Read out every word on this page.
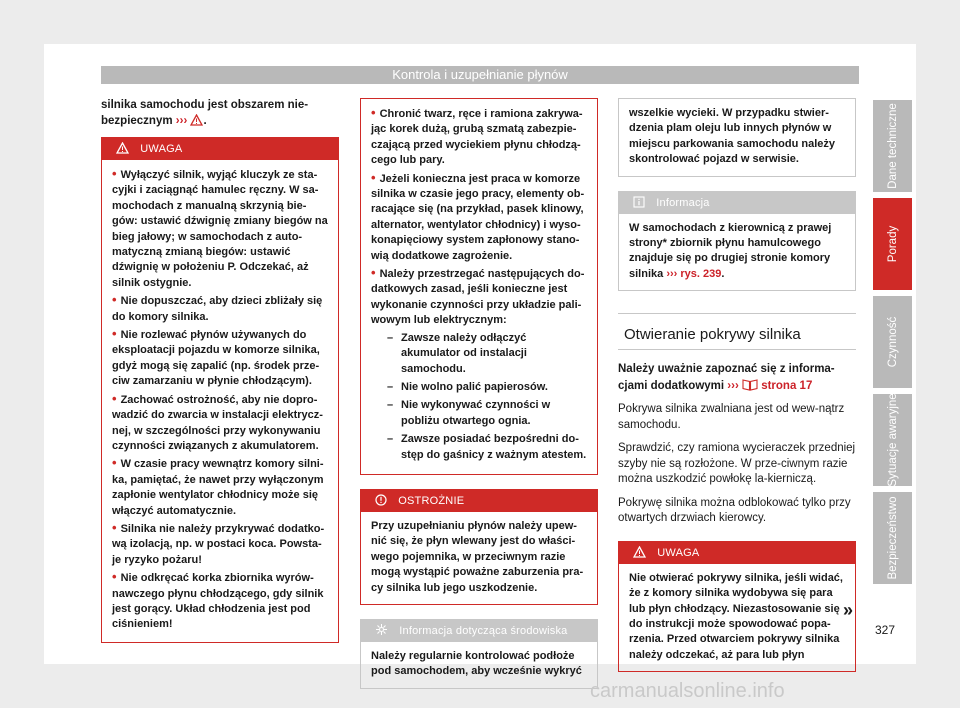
Kontrola i uzupełnianie płynów

silnika samochodu jest obszarem nie-
bezpiecznym ››› .

UWAGA
• Wyłączyć silnik, wyjąć kluczyk ze sta-cyjki i zaciągnąć hamulec ręczny. W sa-mochodach z manualną skrzynią bie-gów: ustawić dźwignię zmiany biegów na bieg jałowy; w samochodach z auto-matyczną zmianą biegów: ustawić dźwignię w położeniu P. Odczekać, aż silnik ostygnie.
• Nie dopuszczać, aby dzieci zbliżały się do komory silnika.
• Nie rozlewać płynów używanych do eksploatacji pojazdu w komorze silnika, gdyż mogą się zapalić (np. środek prze-ciw zamarzaniu w płynie chłodzącym).
• Zachować ostrożność, aby nie dopro-wadzić do zwarcia w instalacji elektrycz-nej, w szczególności przy wykonywaniu czynności związanych z akumulatorem.
• W czasie pracy wewnątrz komory silni-ka, pamiętać, że nawet przy wyłączonym zapłonie wentylator chłodnicy może się włączyć automatycznie.
• Silnika nie należy przykrywać dodatko-wą izolacją, np. w postaci koca. Powsta-je ryzyko pożaru!
• Nie odkręcać korka zbiornika wyrów-nawczego płynu chłodzącego, gdy silnik jest gorący. Układ chłodzenia jest pod ciśnieniem!
• Chronić twarz, ręce i ramiona zakrywa-jąc korek dużą, grubą szmatą zabezpie-czającą przed wyciekiem płynu chłodzą-cego lub pary.
• Jeżeli konieczna jest praca w komorze silnika w czasie jego pracy, elementy ob-racające się (na przykład, pasek klinowy, alternator, wentylator chłodnicy) i wyso-konapięciowy system zapłonowy stano-wią dodatkowe zagrożenie.
• Należy przestrzegać następujących do-datkowych zasad, jeśli konieczne jest wykonanie czynności przy układzie pali-wowym lub elektrycznym:
– Zawsze należy odłączyć akumulator od instalacji samochodu.
– Nie wolno palić papierosów.
– Nie wykonywać czynności w pobliżu otwartego ognia.
– Zawsze posiadać bezpośredni do-stęp do gaśnicy z ważnym atestem.
OSTROŻNIE
Przy uzupełnianiu płynów należy upew-nić się, że płyn wlewany jest do właści-wego pojemnika, w przeciwnym razie mogą wystąpić poważne zaburzenia pra-cy silnika lub jego uszkodzenie.
Informacja dotycząca środowiska
Należy regularnie kontrolować podłoże pod samochodem, aby wcześnie wykryć
wszelkie wycieki. W przypadku stwier-dzenia plam oleju lub innych płynów w miejscu parkowania samochodu należy skontrolować pojazd w serwisie.
Informacja
W samochodach z kierownicą z prawej strony* zbiornik płynu hamulcowego znajduje się po drugiej stronie komory silnika ››› rys. 239.
Otwieranie pokrywy silnika

Należy uważnie zapoznać się z informa-cjami dodatkowymi ››› strona 17

Pokrywa silnika zwalniana jest od wew-nątrz samochodu.

Sprawdzić, czy ramiona wycieraczek przedniej szyby nie są rozłożone. W prze-ciwnym razie można uszkodzić powłokę la-kierniczą.

Pokrywę silnika można odblokować tylko przy otwartych drzwiach kierowcy.

UWAGA
Nie otwierać pokrywy silnika, jeśli widać, że z komory silnika wydobywa się para lub płyn chłodzący. Niezastosowanie się do instrukcji może spowodować popa-rzenia. Przed otwarciem pokrywy silnika należy odczekać, aż para lub płyn
Dane techniczne
Porady
Czynność
Sytuacje awaryjne
Bezpieczeństwo
»
327
carmanualsonline.info
